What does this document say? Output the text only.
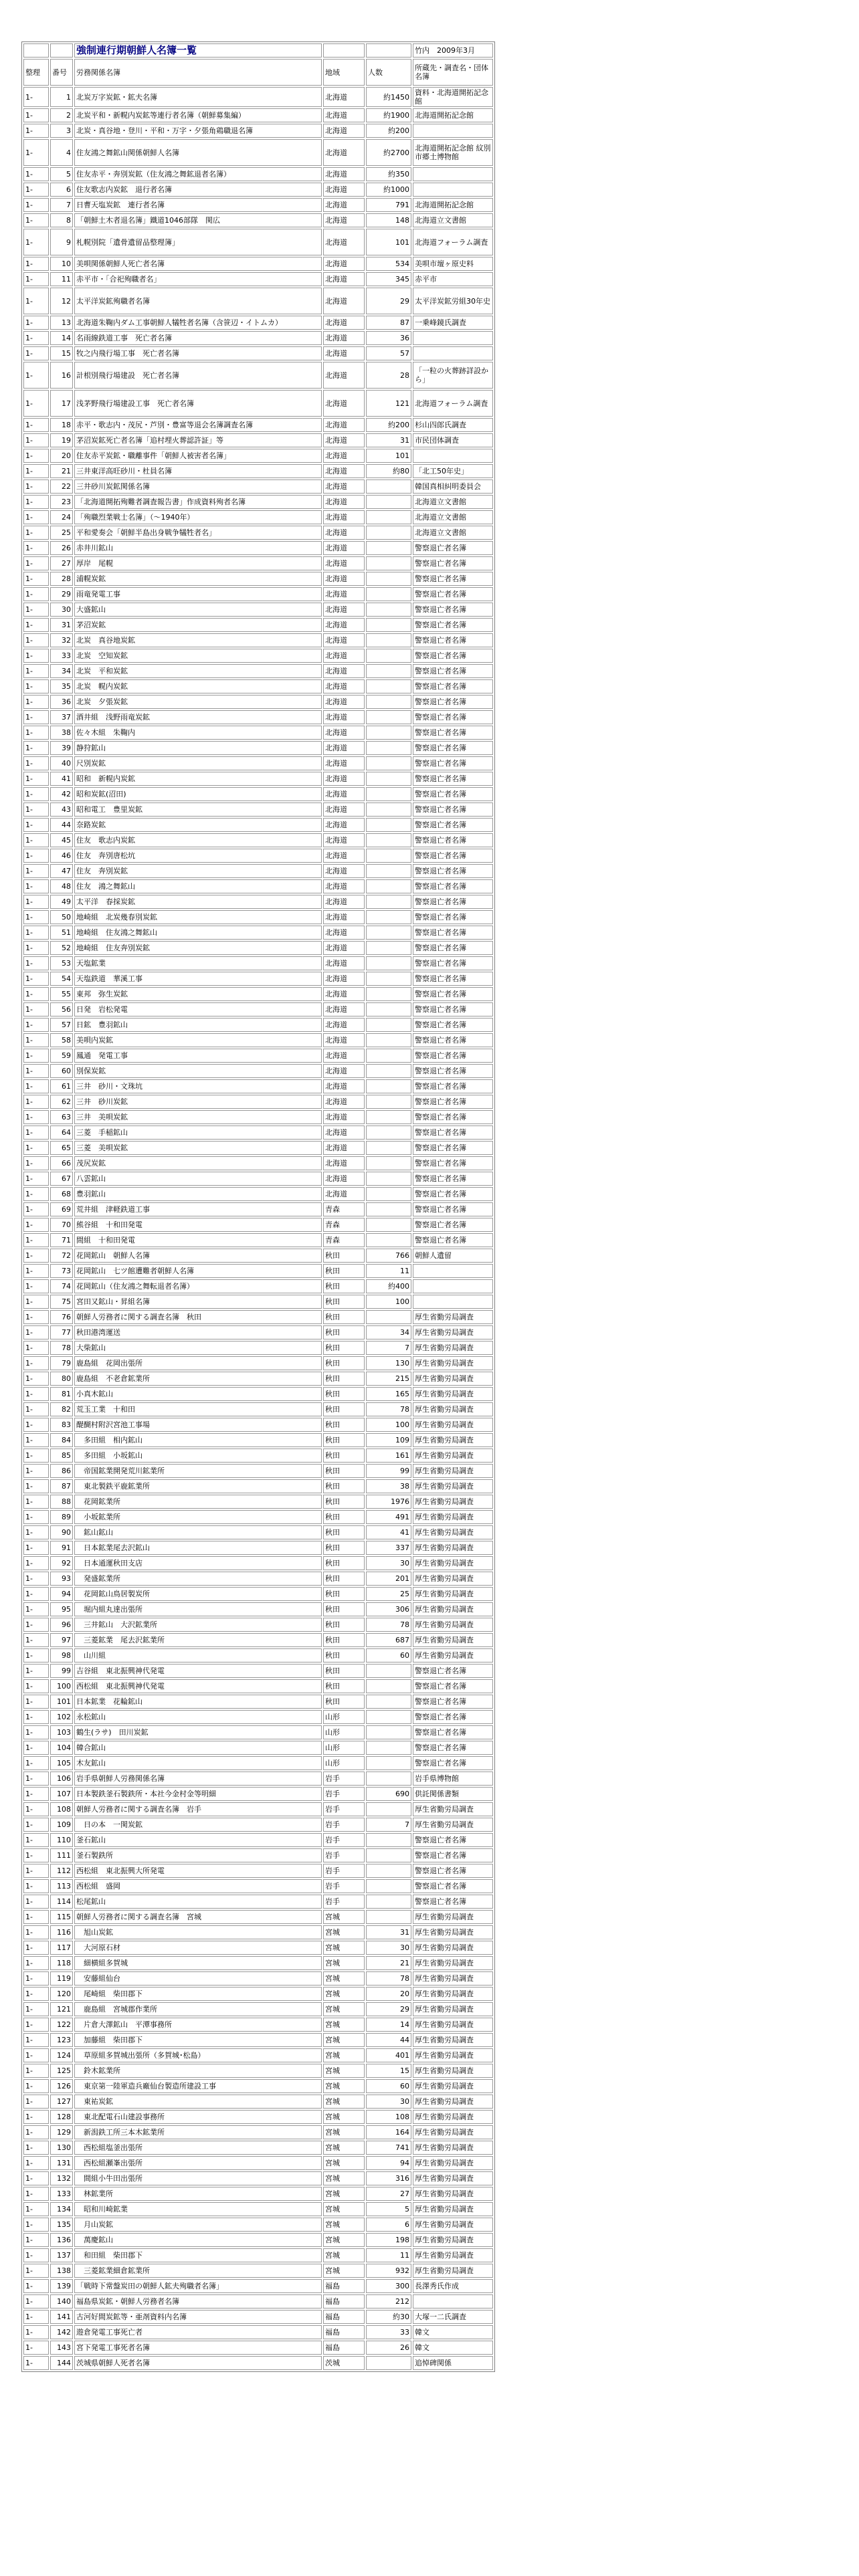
		強制連行期朝鮮人名簿一覧			竹内　 2009年3月
整理	番号	労務関係名簿	地域	人数	所蔵先・調査名・団体名簿
1-	1	北炭万字炭鉱・鉱夫名簿	北海道	約1450	資料・北海道開拓記念館
1-	2	北炭平和・新幌内炭鉱等連行者名簿（朝鮮募集編）	北海道	約1900	北海道開拓記念館
1-	3	北炭・真谷地・登川・平和・万字・夕張角鶏職退名簿	北海道	約200	
1-	4	住友鴻之舞鉱山関係朝鮮人名簿	北海道	約2700	北海道開拓記念館 紋別市郷土博物館
1-	5	住友赤平・奔別炭鉱（住友鴻之舞鉱退者名簿）	北海道	約350	
1-	6	住友歌志内炭鉱　退行者名簿	北海道	約1000	
1-	7	日曹天塩炭鉱　連行者名簿	北海道	791	北海道開拓記念館
1-	8	「朝鮮土木者退名簿」鐵道1046部隊　関広	北海道	148	北海道立文書館
1-	9	札幌別院「遺骨遺留品整理簿」	北海道	101	北海道フォーラム調査
1-	10	美唄関係朝鮮人死亡者名簿	北海道	534	美唄市壇ヶ原史料
1-	11	赤平市・「合祀殉職者名」	北海道	345	赤平市
1-	12	太平洋炭鉱殉職者名簿	北海道	29	太平洋炭鉱労組30年史
1-	13	北海道朱鞠内ダム工事朝鮮人犠牲者名簿（含笹辺・イトムカ）	北海道	87	一乗峰鏡氏調査
1-	14	名雨線鉄道工事　死亡者名簿	北海道	36	
1-	15	牧之内飛行場工事　死亡者名簿	北海道	57	
1-	16	計根別飛行場建設　死亡者名簿	北海道	28	「一粒の火葬跡詳設から」
1-	17	浅茅野飛行場建設工事　死亡者名簿	北海道	121	北海道フォーラム調査
1-	18	赤平・歌志内・茂尻・芦別・豊富等退会名簿調査名簿	北海道	約200	杉山四郎氏調査
1-	19	茅沼炭鉱死亡者名簿「追村埋火葬認許証」等	北海道	31	市民団体調査
1-	20	住友赤平炭鉱・職離事件「朝鮮人被害者名簿」	北海道	101	
1-	21	三井東洋高旺砂川・杜員名簿	北海道	約80	「北工50年史」
1-	22	三井砂川炭鉱関係名簿	北海道		韓国真相糾明委員会
1-	23	「北海道開拓殉難者調査報告書」作成資料殉者名簿	北海道		北海道立文書館
1-	24	「殉職烈業戦士名簿」（〜1940年）	北海道		北海道立文書館
1-	25	平和愛奏会「朝鮮半島出身戦争犠牲者名」	北海道		北海道立文書館
1-	26	赤井川鉱山	北海道		警察退亡者名簿
1-	27	厚岸　尾幌	北海道		警察退亡者名簿
1-	28	浦幌炭鉱	北海道		警察退亡者名簿
1-	29	雨竜発電工事	北海道		警察退亡者名簿
1-	30	大盛鉱山	北海道		警察退亡者名簿
1-	31	茅沼炭鉱	北海道		警察退亡者名簿
1-	32	北炭　真谷地炭鉱	北海道		警察退亡者名簿
1-	33	北炭　空知炭鉱	北海道		警察退亡者名簿
1-	34	北炭　平和炭鉱	北海道		警察退亡者名簿
1-	35	北炭　幌内炭鉱	北海道		警察退亡者名簿
1-	36	北炭　夕張炭鉱	北海道		警察退亡者名簿
1-	37	酒井組　浅野雨竜炭鉱	北海道		警察退亡者名簿
1-	38	佐々木組　朱鞠内	北海道		警察退亡者名簿
1-	39	静狩鉱山	北海道		警察退亡者名簿
1-	40	尺別炭鉱	北海道		警察退亡者名簿
1-	41	昭和　新幌内炭鉱	北海道		警察退亡者名簿
1-	42	昭和炭鉱(沼田)	北海道		警察退亡者名簿
1-	43	昭和電工　豊里炭鉱	北海道		警察退亡者名簿
1-	44	奈路炭鉱	北海道		警察退亡者名簿
1-	45	住友　歌志内炭鉱	北海道		警察退亡者名簿
1-	46	住友　奔別唐松坑	北海道		警察退亡者名簿
1-	47	住友　奔別炭鉱	北海道		警察退亡者名簿
1-	48	住友　鴻之舞鉱山	北海道		警察退亡者名簿
1-	49	太平洋　春採炭鉱	北海道		警察退亡者名簿
1-	50	地崎組　北炭幾春別炭鉱	北海道		警察退亡者名簿
1-	51	地崎組　住友鴻之舞鉱山	北海道		警察退亡者名簿
1-	52	地崎組　住友奔別炭鉱	北海道		警察退亡者名簿
1-	53	天塩鉱業	北海道		警察退亡者名簿
1-	54	天塩鉄道　華溪工事	北海道		警察退亡者名簿
1-	55	東邦　弥生炭鉱	北海道		警察退亡者名簿
1-	56	日発　岩松発電	北海道		警察退亡者名簿
1-	57	日鉱　豊羽鉱山	北海道		警察退亡者名簿
1-	58	美唄内炭鉱	北海道		警察退亡者名簿
1-	59	鳳通　発電工事	北海道		警察退亡者名簿
1-	60	別保炭鉱	北海道		警察退亡者名簿
1-	61	三井　砂川・文珠坑	北海道		警察退亡者名簿
1-	62	三井　砂川炭鉱	北海道		警察退亡者名簿
1-	63	三井　美唄炭鉱	北海道		警察退亡者名簿
1-	64	三菱　手稲鉱山	北海道		警察退亡者名簿
1-	65	三菱　美唄炭鉱	北海道		警察退亡者名簿
1-	66	茂尻炭鉱	北海道		警察退亡者名簿
1-	67	八雲鉱山	北海道		警察退亡者名簿
1-	68	豊羽鉱山	北海道		警察退亡者名簿
1-	69	荒井組　津軽鉄道工事	青森		警察退亡者名簿
1-	70	熊谷組　十和田発電	青森		警察退亡者名簿
1-	71	間組　十和田発電	青森		警察退亡者名簿
1-	72	花岡鉱山　朝鮮人名簿	秋田	766	朝鮮人遺留
1-	73	花岡鉱山　七ツ館遭難者朝鮮人名簿	秋田	11	
1-	74	花岡鉱山（住友鴻之舞転退者名簿）	秋田	約400	
1-	75	宮田又鉱山・昇組名簿	秋田	100	
1-	76	朝鮮人労務者に関する調査名簿　秋田	秋田		厚生省勤労局調査
1-	77	秋田港湾運送	秋田	34	厚生省勤労局調査
1-	78	大柴鉱山	秋田	7	厚生省勤労局調査
1-	79	鹿島組　花岡出張所	秋田	130	厚生省勤労局調査
1-	80	鹿島組　不老倉鉱業所	秋田	215	厚生省勤労局調査
1-	81	小真木鉱山	秋田	165	厚生省勤労局調査
1-	82	荒玉工業　十和田	秋田	78	厚生省勤労局調査
1-	83	醍醐村附沢宮池工事場	秋田	100	厚生省勤労局調査
1-	84	　多田組　相内鉱山	秋田	109	厚生省勤労局調査
1-	85	　多田組　小坂鉱山	秋田	161	厚生省勤労局調査
1-	86	　帝国鉱業開発荒川鉱業所	秋田	99	厚生省勤労局調査
1-	87	　東北製鉄平鹿鉱業所	秋田	38	厚生省勤労局調査
1-	88	　花岡鉱業所	秋田	1976	厚生省勤労局調査
1-	89	　小坂鉱業所	秋田	491	厚生省勤労局調査
1-	90	　鉱山鉱山	秋田	41	厚生省勤労局調査
1-	91	　日本鉱業尾去沢鉱山	秋田	337	厚生省勤労局調査
1-	92	　日本通運秋田支店	秋田	30	厚生省勤労局調査
1-	93	　発盛鉱業所	秋田	201	厚生省勤労局調査
1-	94	　花岡鉱山鳥居製炭所	秋田	25	厚生省勤労局調査
1-	95	　堀内組丸達出張所	秋田	306	厚生省勤労局調査
1-	96	　三井鉱山　大沢鉱業所	秋田	78	厚生省勤労局調査
1-	97	　三菱鉱業　尾去沢鉱業所	秋田	687	厚生省勤労局調査
1-	98	　山川組	秋田	60	厚生省勤労局調査
1-	99	吉谷組　東北振興神代発電	秋田		警察退亡者名簿
1-	100	西松組　東北振興神代発電	秋田		警察退亡者名簿
1-	101	日本鉱業　花輪鉱山	秋田		警察退亡者名簿
1-	102	永松鉱山	山形		警察退亡者名簿
1-	103	鶴生(ラサ)　田川炭鉱	山形		警察退亡者名簿
1-	104	韓合鉱山	山形		警察退亡者名簿
1-	105	木友鉱山	山形		警察退亡者名簿
1-	106	岩手県朝鮮人労務関係名簿	岩手		岩手県博物館
1-	107	日本製鉄釜石製鉄所・本社今金村金等明細	岩手	690	供託関係書類
1-	108	朝鮮人労務者に関する調査名簿　岩手	岩手		厚生省勤労局調査
1-	109	　日の本　一関炭鉱	岩手	7	厚生省勤労局調査
1-	110	釜石鉱山	岩手		警察退亡者名簿
1-	111	釜石製鉄所	岩手		警察退亡者名簿
1-	112	西松組　東北振興大所発電	岩手		警察退亡者名簿
1-	113	西松組　盛岡	岩手		警察退亡者名簿
1-	114	松尾鉱山	岩手		警察退亡者名簿
1-	115	朝鮮人労務者に関する調査名簿　宮城	宮城		厚生省勤労局調査
1-	116	　旭山炭鉱	宮城	31	厚生省勤労局調査
1-	117	　大河原石材	宮城	30	厚生省勤労局調査
1-	118	　細横組多賀城	宮城	21	厚生省勤労局調査
1-	119	　安藤組仙台	宮城	78	厚生省勤労局調査
1-	120	　尾崎組　柴田郡下	宮城	20	厚生省勤労局調査
1-	121	　鹿島組　宮城郡作業所	宮城	29	厚生省勤労局調査
1-	122	　片倉大澤鉱山　平潭事務所	宮城	14	厚生省勤労局調査
1-	123	　加藤組　柴田郡下	宮城	44	厚生省勤労局調査
1-	124	　草原組多賀城出張所（多賀城･松島）	宮城	401	厚生省勤労局調査
1-	125	　鈴木鉱業所	宮城	15	厚生省勤労局調査
1-	126	　東京第一陸軍造兵廠仙台製造所建設工事	宮城	60	厚生省勤労局調査
1-	127	　東祐炭鉱	宮城	30	厚生省勤労局調査
1-	128	　東北配電石山建設事務所	宮城	108	厚生省勤労局調査
1-	129	　新潟鉄工所三本木鉱業所	宮城	164	厚生省勤労局調査
1-	130	　西松組塩釜出張所	宮城	741	厚生省勤労局調査
1-	131	　西松組瀬峯出張所	宮城	94	厚生省勤労局調査
1-	132	　間組小牛田出張所	宮城	316	厚生省勤労局調査
1-	133	　林鉱業所	宮城	27	厚生省勤労局調査
1-	134	　昭和川崎鉱業	宮城	5	厚生省勤労局調査
1-	135	　月山炭鉱	宮城	6	厚生省勤労局調査
1-	136	　萬慶鉱山	宮城	198	厚生省勤労局調査
1-	137	　和田組　柴田郡下	宮城	11	厚生省勤労局調査
1-	138	　三菱鉱業細倉鉱業所	宮城	932	厚生省勤労局調査
1-	139	「戦時下常盤炭田の朝鮮人鉱夫殉職者名簿」	福島	300	長澤秀氏作成
1-	140	福島県炭鉱・朝鮮人労務者名簿	福島	212	
1-	141	古河好間炭鉱等・亜剤資料内名簿	福島	約30	大塚一二氏調査
1-	142	遊倉発電工事死亡者	福島	33	韓文
1-	143	宮下発電工事死者名簿	福島	26	韓文
1-	144	茨城県朝鮮人死者名簿	茨城		追悼碑関係
